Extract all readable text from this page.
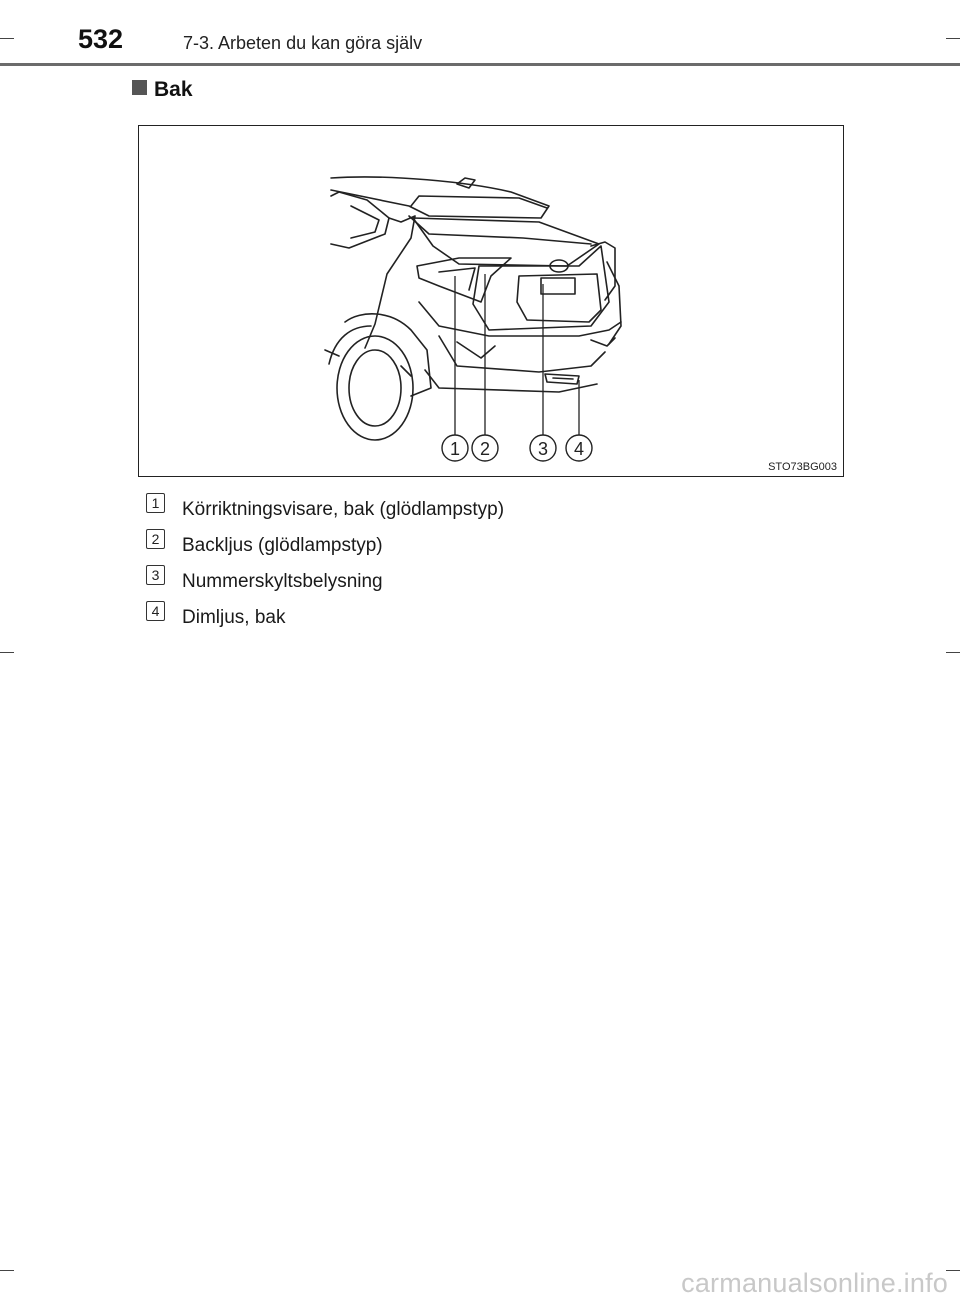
532	7-3. Arbeten du kan göra själv
Bak
1 2	3 4
STO73BG003
1 Körriktningsvisare, bak (glödlampstyp)
2 Backljus (glödlampstyp)
3 Nummerskyltsbelysning
4 Dimljus, bak
carmanualsonline.info
